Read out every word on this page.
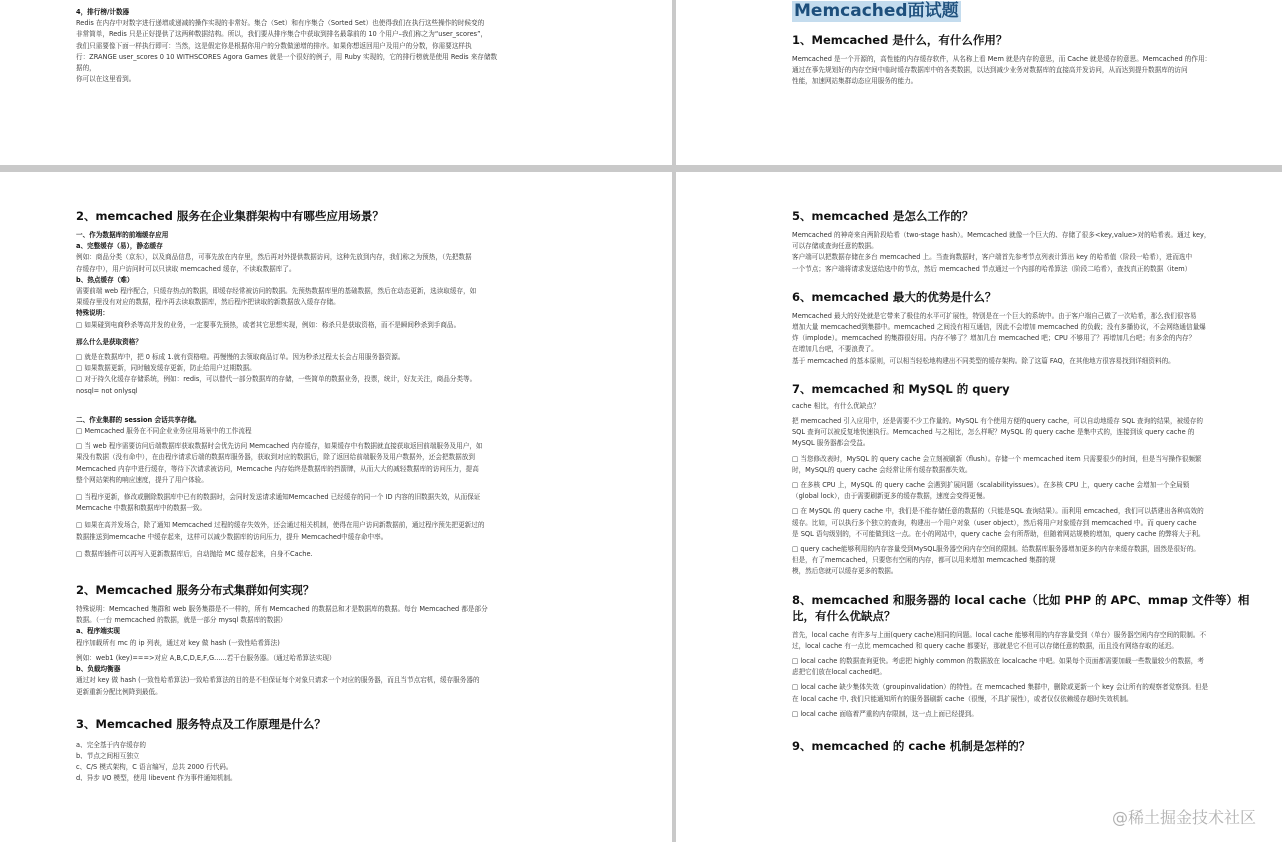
4，排行榜/计数器

Redis 在内存中对数字进行递增或递减的操作实现的非常好。集合（Set）和有序集合（Sorted Set）也使得我们在执行这些操作的时候变的

非常简单，Redis 只是正好提供了这两种数据结构。所以，我们要从排序集合中获取到排名最靠前的 10 个用户–我们称之为“user_scores”，

我们只需要像下面一样执行即可：当然，这是假定你是根据你用户的分数做递增的排序。如果你想返回用户及用户的分数，你需要这样执

行：ZRANGE user_scores 0 10 WITHSCORES Agora Games 就是一个很好的例子，用 Ruby 实现的，它的排行榜就是使用 Redis 来存储数

据的，

你可以在这里看到。

Memcached面试题
1、Memcached 是什么，有什么作用？

Memcached 是一个开源的，高性能的内存缓存软件，从名称上看 Mem 就是内存的意思，而 Cache 就是缓存的意思。Memcached 的作用：

通过在事先规划好的内存空间中临时缓存数据库中的各类数据，以达到减少业务对数据库的直接高并发访问，从而达到提升数据库的访问

性能，加速网站集群动态应用服务的能力。

2、memcached 服务在企业集群架构中有哪些应用场景？

一、作为数据库的前端缓存应用

a、完整缓存（易），静态缓存

例如：商品分类（京东），以及商品信息，可事先放在内存里，然后再对外提供数据访问，这种先放到内存，我们称之为预热，（先把数据

存缓存中），用户访问时可以只读取 memcached 缓存，不读取数据库了。

b、热点缓存（难）

需要前端 web 程序配合，只缓存热点的数据，即缓存经常被访问的数据。先预热数据库里的基础数据，然后在动态更新，选读取缓存，如

果缓存里没有对应的数据，程序再去读取数据库，然后程序把读取的新数据放入缓存存储。

特殊说明：

□ 如果碰到电商秒杀等高并发的业务，一定要事先预热，或者其它思想实现，例如：称杀只是获取资格，而不是瞬间秒杀到手商品。

那么什么是获取资格？

□ 就是在数据库中，把 0 标成 1.就有资格啦。再慢慢的去领取商品订单。因为秒杀过程太长会占用服务器资源。

□ 如果数据更新，同时触发缓存更新，防止给用户过期数据。

□ 对于持久化缓存存储系统，例如：redis，可以替代一部分数据库的存储，一些简单的数据业务，投票，统计，好友关注，商品分类等。

nosql= not onlysql

二、作业集群的 session 会话共享存储。

□ Memcached 服务在不同企业业务应用场景中的工作流程

□ 当 web 程序需要访问后端数据库获取数据时会优先访问 Memcached 内存缓存，如果缓存中有数据就直接获取返回前端服务及用户，如

果没有数据（没有命中），在由程序请求后端的数据库服务器，获取到对应的数据后，除了返回给前端服务及用户数据外，还会把数据放到

Memcached 内存中进行缓存，等待下次请求被访问，Memcache 内存始终是数据库的挡箭牌，从而大大的减轻数据库的访问压力，提高

整个网站架构的响应速度，提升了用户体验。

□ 当程序更新，修改或删除数据库中已有的数据时，会同时发送请求通知Memcached 已经缓存的同一个 ID 内容的旧数据失效，从而保证

Memcache 中数据和数据库中的数据一致。

□ 如果在高并发场合，除了通知 Memcached 过程的缓存失效外，还会通过相关机制，使得在用户访问新数据前，通过程序预先把更新过的

数据推送到memcache 中缓存起来，这样可以减少数据库的访问压力，提升 Memcached中缓存命中率。

□ 数据库插件可以再写入更新数据库后，自动抛给 MC 缓存起来，自身不Cache.

2、Memcached 服务分布式集群如何实现？

特殊说明：Memcached 集群和 web 服务集群是不一样的，所有 Memcached 的数据总和才是数据库的数据。每台 Memcached 都是部分

数据。（一台 memcached 的数据，就是一部分 mysql 数据库的数据）

a、程序端实现

程序加载所有 mc 的 ip 列表，通过对 key 做 hash (一致性哈希算法)

例如：web1 (key)===>对应 A,B,C,D,E,F,G......若干台服务器。（通过哈希算法实现）

b、负载均衡器

通过对 key 做 hash (一致性哈希算法)一致哈希算法的目的是不但保证每个对象只请求一个对应的服务器，而且当节点宕机，缓存服务器的

更新重新分配比例降到最低。

3、Memcached 服务特点及工作原理是什么？

a、完全基于内存缓存的

b、节点之间相互独立

c、C/S 模式架构，C 语言编写，总共 2000 行代码。

d、异步 I/O 模型，使用 libevent 作为事件通知机制。

5、memcached 是怎么工作的？

Memcached 的神奇来自两阶段哈希（two-stage hash）。Memcached 就像一个巨大的、存储了很多<key,value>对的哈希表。通过 key，

可以存储或查询任意的数据。

客户端可以把数据存储在多台 memcached 上。当查询数据时，客户端首先参考节点列表计算出 key 的哈希值（阶段一哈希），进而选中

一个节点；客户端将请求发送给选中的节点，然后 memcached 节点通过一个内部的哈希算法（阶段二哈希），查找真正的数据（item）

6、memcached 最大的优势是什么？

Memcached 最大的好处就是它带来了极佳的水平可扩展性，特别是在一个巨大的系统中。由于客户端自己做了一次哈希，那么我们很容易

增加大量 memcached到集群中。memcached 之间没有相互通信，因此不会增加 memcached 的负载；没有多播协议，不会网络通信量爆

炸（implode）。memcached 的集群很好用。内存不够了？增加几台 memcached 吧；CPU 不够用了？再增加几台吧；有多余的内存？

在增加几台吧，不要浪费了。

基于 memcached 的基本原则，可以相当轻松地构建出不同类型的缓存架构。除了这篇 FAQ，在其他地方很容易找到详细资料的。

7、memcached 和 MySQL 的 query

cache 相比，有什么优缺点？

把 memcached 引入应用中，还是需要不少工作量的。MySQL 有个使用方便的query cache，可以自动地缓存 SQL 查询的结果，被缓存的

SQL 查询可以被反复地快速执行。Memcached 与之相比，怎么样呢？MySQL 的 query cache 是集中式的，连接到该 query cache 的

MySQL 服务器都会受益。

□ 当您修改表时，MySQL 的 query cache 会立刻被刷新（flush）。存储一个 memcached item 只需要很少的时间，但是当写操作很频繁

时，MySQL的 query cache 会经常让所有缓存数据都失效。

□ 在多核 CPU 上，MySQL 的 query cache 会遇到扩展问题（scalabilityissues）。在多核 CPU 上，query cache 会增加一个全局锁

（global lock），由于需要刷新更多的缓存数据，速度会变得更慢。

□ 在 MySQL 的 query cache 中，我们是不能存储任意的数据的（只能是SQL 查询结果）。而利用 emcached，我们可以搭建出各种高效的

缓存。比如，可以执行多个独立的查询，构建出一个用户对象（user object），然后将用户对象缓存到 memcached 中。而 query cache

是 SQL 语句级别的，不可能做到这一点。在小的网站中，query cache 会有所帮助，但随着网站规模的增加，query cache 的弊将大于利。

□ query cache能够利用的内存容量受到MySQL服务器空闲内存空间的限制。给数据库服务器增加更多的内存来缓存数据，固然是很好的。

但是，有了memcached，只要您有空闲的内存，都可以用来增加 memcached 集群的规

模，然后您就可以缓存更多的数据。

8、memcached 和服务器的 local cache（比如 PHP 的 APC、mmap 文件等）相比，有什么优缺点？

首先，local cache 有许多与上面(query cache)相同的问题。local cache 能够利用的内存容量受到（单台）服务器空闲内存空间的限制。不

过，local cache 有一点比 memcached 和 query cache 都要好，那就是它不但可以存储任意的数据，而且没有网络存取的延迟。

□ local cache 的数据查询更快。考虑把 highly common 的数据放在 localcache 中吧。如果每个页面都需要加载一些数量较少的数据，考

虑把它们放在local cached吧。

□ local cache 缺少集体失效（groupinvalidation）的特性。在 memcached 集群中，删除或更新一个 key 会让所有的观察者觉察到。但是

在 local cache 中, 我们只能通知所有的服务器刷新 cache（很慢，不具扩展性），或者仅仅依赖缓存超时失效机制。

□ local cache 面临着严重的内存限制，这一点上面已经提到。

9、memcached 的 cache 机制是怎样的？
@稀土掘金技术社区
